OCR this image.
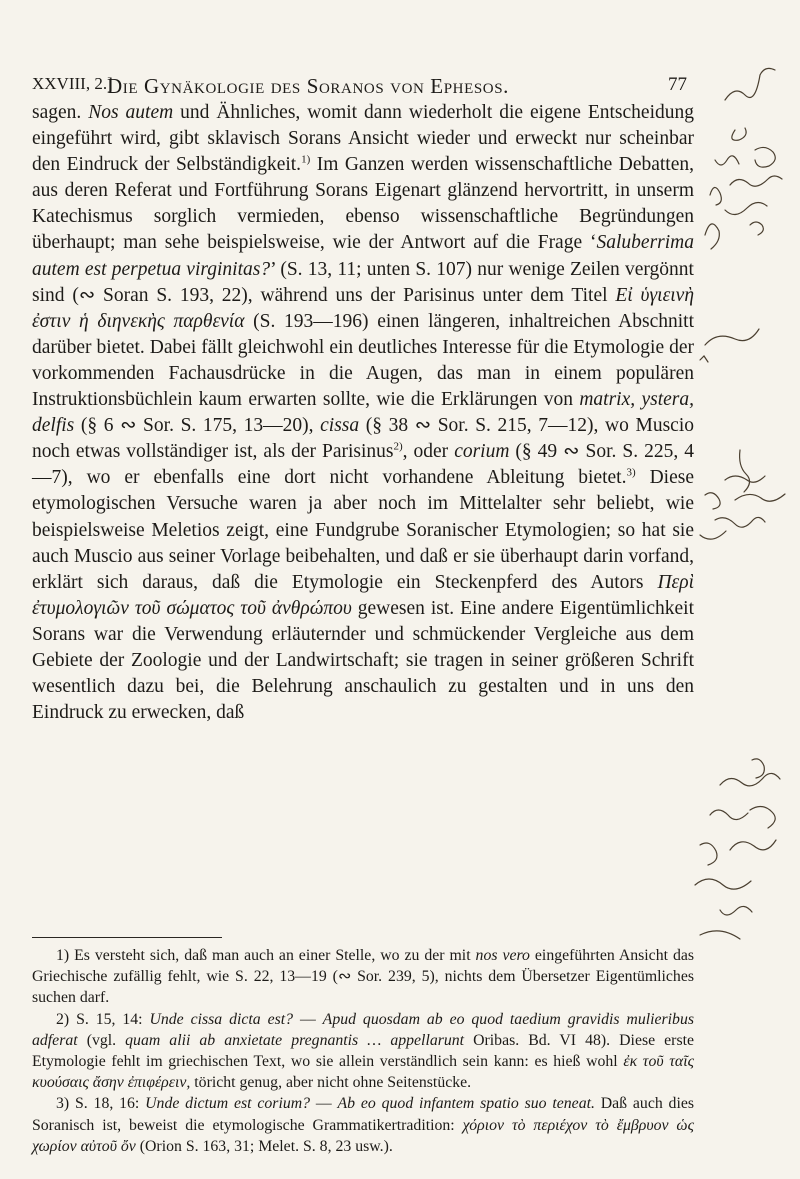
XXVIII, 2.]
Die Gynäkologie des Soranos von Ephesos.	77

sagen. Nos autem und Ähnliches, womit dann wiederholt die eigene Entscheidung eingeführt wird, gibt sklavisch Sorans Ansicht wieder und erweckt nur scheinbar den Eindruck der Selbständigkeit.$^{1)}$ Im Ganzen werden wissenschaftliche Debatten, aus deren Referat und Fortführung Sorans Eigenart glänzend hervortritt, in unserm Katechismus sorglich vermieden, ebenso wissenschaftliche Begründungen überhaupt; man sehe beispielsweise, wie der Antwort auf die Frage ‘Saluberrima autem est perpetua virginitas?’ (S. 13, 11; unten S. 107) nur wenige Zeilen vergönnt sind (∾ Soran S. 193, 22), während uns der Parisinus unter dem Titel Εἰ ὑγιεινὴ ἐστιν ἡ διηνεκὴς παρθενία (S. 193—196) einen längeren, inhaltreichen Abschnitt darüber bietet. Dabei fällt gleichwohl ein deutliches Interesse für die Etymologie der vorkommenden Fachausdrücke in die Augen, das man in einem populären Instruktionsbüchlein kaum erwarten sollte, wie die Erklärungen von matrix, ystera, delfis (§ 6 ∾ Sor. S. 175, 13—20), cissa (§ 38 ∾ Sor. S. 215, 7—12), wo Muscio noch etwas vollständiger ist, als der Parisinus$^{2)}$, oder corium (§ 49 ∾ Sor. S. 225, 4—7), wo er ebenfalls eine dort nicht vorhandene Ableitung bietet.$^{3)}$ Diese etymologischen Versuche waren ja aber noch im Mittelalter sehr beliebt, wie beispielsweise Meletios zeigt, eine Fundgrube Soranischer Etymologien; so hat sie auch Muscio aus seiner Vorlage beibehalten, und daß er sie überhaupt darin vorfand, erklärt sich daraus, daß die Etymologie ein Steckenpferd des Autors Περὶ ἐτυμολογιῶν τοῦ σώματος τοῦ ἀνθρώπου gewesen ist. Eine andere Eigentümlichkeit Sorans war die Verwendung erläuternder und schmückender Vergleiche aus dem Gebiete der Zoologie und der Landwirtschaft; sie tragen in seiner größeren Schrift wesentlich dazu bei, die Belehrung anschaulich zu gestalten und in uns den Eindruck zu erwecken, daß

1) Es versteht sich, daß man auch an einer Stelle, wo zu der mit nos vero eingeführten Ansicht das Griechische zufällig fehlt, wie S. 22, 13—19 (∾ Sor. 239, 5), nichts dem Übersetzer Eigentümliches suchen darf.

2) S. 15, 14: Unde cissa dicta est? — Apud quosdam ab eo quod taedium gravidis mulieribus adferat (vgl. quam alii ab anxietate pregnantis … appellarunt Oribas. Bd. VI 48). Diese erste Etymologie fehlt im griechischen Text, wo sie allein verständlich sein kann: es hieß wohl ἐκ τοῦ ταῖς κυούσαις ἄσην ἐπιφέρειν, töricht genug, aber nicht ohne Seitenstücke.

3) S. 18, 16: Unde dictum est corium? — Ab eo quod infantem spatio suo teneat. Daß auch dies Soranisch ist, beweist die etymologische Grammatikertradition: χόριον τὸ περιέχον τὸ ἔμβρυον ὡς χωρίον αὐτοῦ ὄν (Orion S. 163, 31; Melet. S. 8, 23 usw.).
